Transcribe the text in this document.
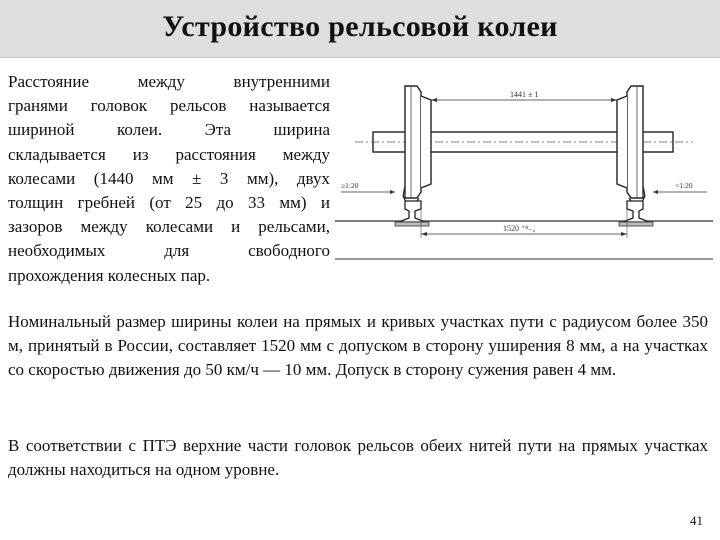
Устройство рельсовой колеи
Расстояние между внутренними
гранями головок рельсов называется
шириной колеи. Эта ширина
складывается из расстояния между
колесами (1440 мм ± 3 мм), двух
толщин гребней (от 25 до 33 мм) и
зазоров между колесами и рельсами,
необходимых для свободного
прохождения колесных пар.
1441 ± 1
1520 ⁺⁸₋₄
≥1:20	<1:20
Номинальный размер ширины колеи на прямых и кривых участках пути с радиусом более 350 м, принятый в России, составляет 1520 мм с допуском в сторону уширения 8 мм, а на участках со скоростью движения до 50 км/ч — 10 мм. Допуск в сторону сужения равен 4 мм.
В соответствии с ПТЭ верхние части головок рельсов обеих нитей пути на прямых участках должны находиться на одном уровне.
41
